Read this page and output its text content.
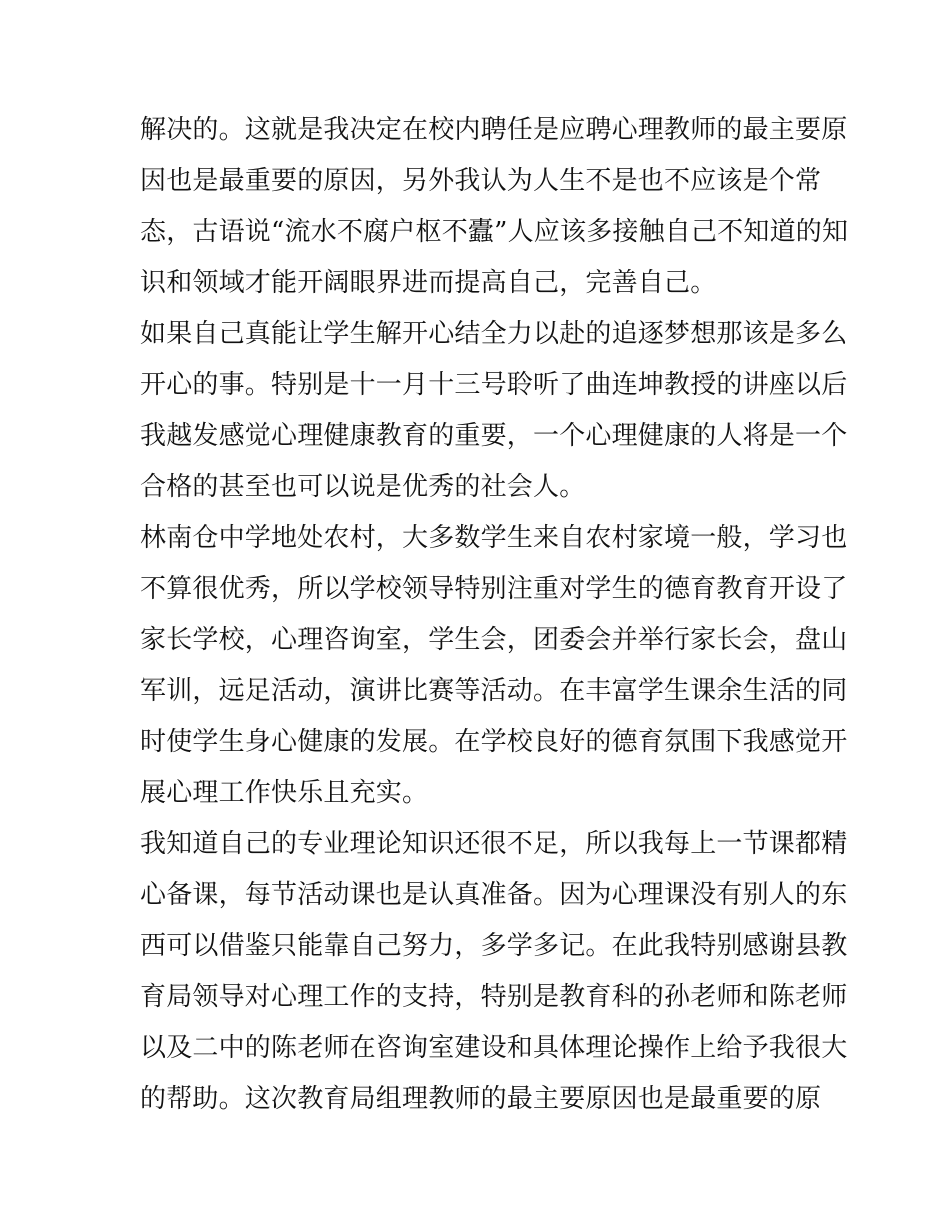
解决的。这就是我决定在校内聘任是应聘心理教师的最主要原
因也是最重要的原因，另外我认为人生不是也不应该是个常
态，古语说“流水不腐户枢不蠹”人应该多接触自己不知道的知
识和领域才能开阔眼界进而提高自己，完善自己。
如果自己真能让学生解开心结全力以赴的追逐梦想那该是多么
开心的事。特别是十一月十三号聆听了曲连坤教授的讲座以后
我越发感觉心理健康教育的重要，一个心理健康的人将是一个
合格的甚至也可以说是优秀的社会人。
林南仓中学地处农村，大多数学生来自农村家境一般，学习也
不算很优秀，所以学校领导特别注重对学生的德育教育开设了
家长学校，心理咨询室，学生会，团委会并举行家长会，盘山
军训，远足活动，演讲比赛等活动。在丰富学生课余生活的同
时使学生身心健康的发展。在学校良好的德育氛围下我感觉开
展心理工作快乐且充实。
我知道自己的专业理论知识还很不足，所以我每上一节课都精
心备课，每节活动课也是认真准备。因为心理课没有别人的东
西可以借鉴只能靠自己努力，多学多记。在此我特别感谢县教
育局领导对心理工作的支持，特别是教育科的孙老师和陈老师
以及二中的陈老师在咨询室建设和具体理论操作上给予我很大
的帮助。这次教育局组理教师的最主要原因也是最重要的原
